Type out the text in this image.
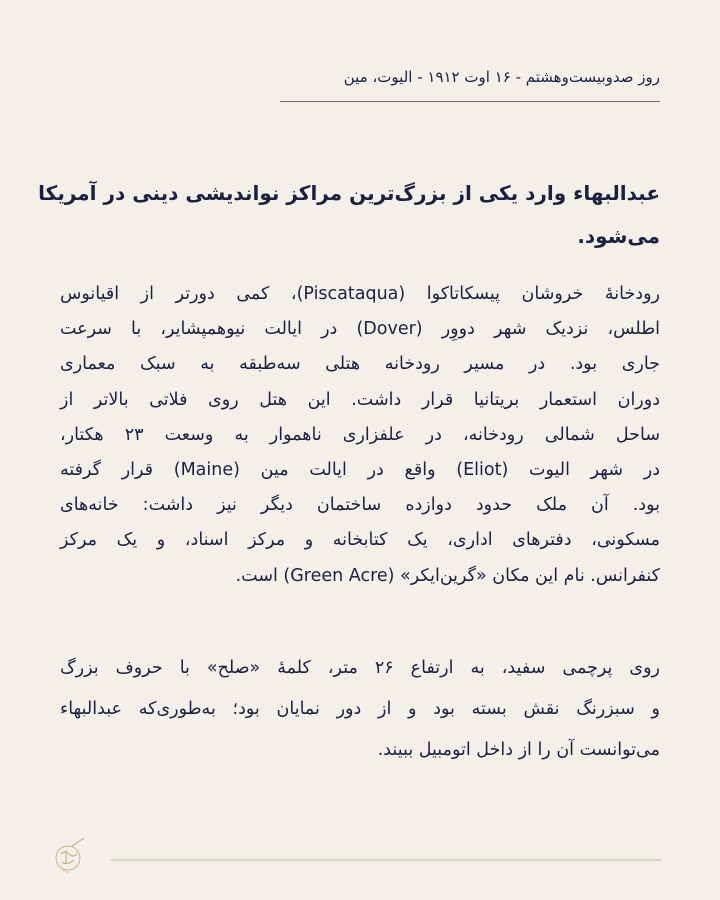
روز صدوبیست‌وهشتم - ۱۶ اوت ۱۹۱۲ - الیوت، مین
عبدالبهاء وارد یکی از بزرگ‌ترین مراکز نواندیشی دینی در آمریکا
می‌شود.
رودخانهٔ خروشان پیسکاتاکوا (Piscataqua)، کمی دورتر از اقیانوس
اطلس، نزدیک شهر دووِر (Dover) در ایالت نیوهمپشایر، با سرعت
جاری بود. در مسیر رودخانه هتلی سه‌طبقه به سبک معماری
دوران استعمار بریتانیا قرار داشت. این هتل روی فلاتی بالاتر از
ساحل شمالی رودخانه، در علفزاری ناهموار به وسعت ۲۳ هکتار،
در شهر الیوت (Eliot) واقع در ایالت مین (Maine) قرار گرفته
بود. آن ملک حدود دوازده ساختمان دیگر نیز داشت: خانه‌های
مسکونی، دفترهای اداری، یک کتابخانه و مرکز اسناد، و یک مرکز
کنفرانس. نام این مکان «گرین‌ایکر» (Green Acre) است.
روی پرچمی سفید، به ارتفاع ۲۶ متر، کلمهٔ «صلح» با حروف بزرگ
و سبزرنگ نقش بسته بود و از دور نمایان بود؛ به‌طوری‌که عبدالبهاء
می‌توانست آن را از داخل اتومبیل ببیند.
